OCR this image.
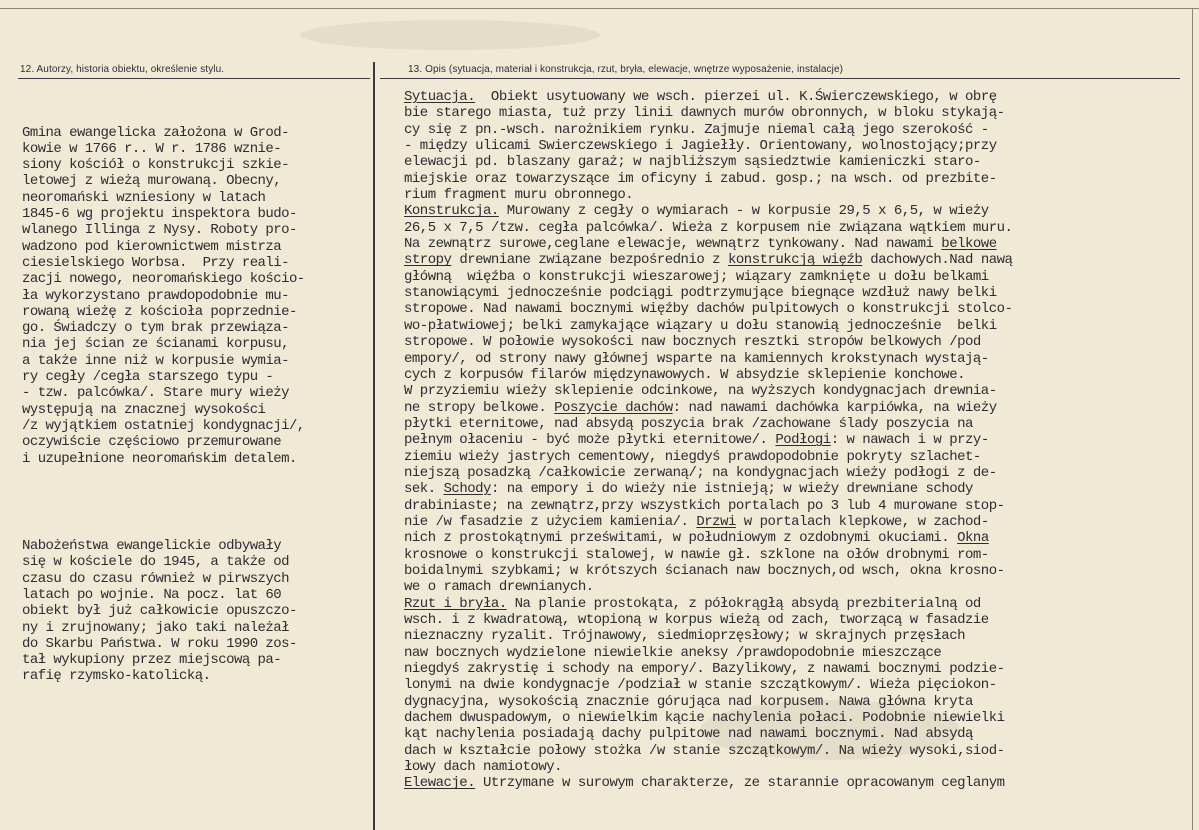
12. Autorzy, historia obiektu, określenie stylu.	13. Opis (sytuacja, materiał i konstrukcja, rzut, bryła, elewacje, wnętrze wyposażenie, instalacje)

Gmina ewangelicka założona w Grod-
kowie w 1766 r.. W r. 1786 wznie-
siony kościół o konstrukcji szkie-
letowej z wieżą murowaną. Obecny,
neoromański wzniesiony w latach
1845-6 wg projektu inspektora budo-
wlanego Illinga z Nysy. Roboty pro-
wadzono pod kierownictwem mistrza
ciesielskiego Worbsa.  Przy reali-
zacji nowego, neoromańskiego kościo-
ła wykorzystano prawdopodobnie mu-
rowaną wieżę z kościoła poprzednie-
go. Świadczy o tym brak przewiąza-
nia jej ścian ze ścianami korpusu,
a także inne niż w korpusie wymia-
ry cegły /cegła starszego typu -
- tzw. palcówka/. Stare mury wieży
występują na znacznej wysokości
/z wyjątkiem ostatniej kondygnacji/,
oczywiście częściowo przemurowane
i uzupełnione neoromańskim detalem.

Nabożeństwa ewangelickie odbywały
się w kościele do 1945, a także od
czasu do czasu również w pirwszych
latach po wojnie. Na pocz. lat 60
obiekt był już całkowicie opuszczo-
ny i zrujnowany; jako taki należał
do Skarbu Państwa. W roku 1990 zos-
tał wykupiony przez miejscową pa-
rafię rzymsko-katolicką.

Sytuacja.  Obiekt usytuowany we wsch. pierzei ul. K.Świerczewskiego, w obrę
bie starego miasta, tuż przy linii dawnych murów obronnych, w bloku stykają-
cy się z pn.-wsch. narożnikiem rynku. Zajmuje niemal całą jego szerokość -
- między ulicami Swierczewskiego i Jagiełły. Orientowany, wolnostojący;przy
elewacji pd. blaszany garaż; w najbliższym sąsiedztwie kamieniczki staro-
miejskie oraz towarzyszące im oficyny i zabud. gosp.; na wsch. od prezbite-
rium fragment muru obronnego.
Konstrukcja. Murowany z cegły o wymiarach - w korpusie 29,5 x 6,5, w wieży
26,5 x 7,5 /tzw. cegła palcówka/. Wieża z korpusem nie związana wątkiem muru.
Na zewnątrz surowe,ceglane elewacje, wewnątrz tynkowany. Nad nawami belkowe
stropy drewniane związane bezpośrednio z konstrukcją więźb dachowych.Nad nawą
główną  więźba o konstrukcji wieszarowej; wiązary zamknięte u dołu belkami
stanowiącymi jednocześnie podciągi podtrzymujące biegnące wzdłuż nawy belki
stropowe. Nad nawami bocznymi więźby dachów pulpitowych o konstrukcji stolco-
wo-płatwiowej; belki zamykające wiązary u dołu stanowią jednocześnie  belki
stropowe. W połowie wysokości naw bocznych resztki stropów belkowych /pod
empory/, od strony nawy głównej wsparte na kamiennych krokstynach wystają-
cych z korpusów filarów międzynawowych. W absydzie sklepienie konchowe.
W przyziemiu wieży sklepienie odcinkowe, na wyższych kondygnacjach drewnia-
ne stropy belkowe. Poszycie dachów: nad nawami dachówka karpiówka, na wieży
płytki eternitowe, nad absydą poszycia brak /zachowane ślady poszycia na
pełnym ołaceniu - być może płytki eternitowe/. Podłogi: w nawach i w przy-
ziemiu wieży jastrych cementowy, niegdyś prawdopodobnie pokryty szlachet-
niejszą posadzką /całkowicie zerwaną/; na kondygnacjach wieży podłogi z de-
sek. Schody: na empory i do wieży nie istnieją; w wieży drewniane schody
drabiniaste; na zewnątrz,przy wszystkich portalach po 3 lub 4 murowane stop-
nie /w fasadzie z użyciem kamienia/. Drzwi w portalach klepkowe, w zachod-
nich z prostokątnymi prześwitami, w południowym z ozdobnymi okuciami. Okna
krosnowe o konstrukcji stalowej, w nawie gł. szklone na ołów drobnymi rom-
boidalnymi szybkami; w krótszych ścianach naw bocznych,od wsch, okna krosno-
we o ramach drewnianych.
Rzut i bryła. Na planie prostokąta, z półokrągłą absydą prezbiterialną od
wsch. i z kwadratową, wtopioną w korpus wieżą od zach, tworzącą w fasadzie
nieznaczny ryzalit. Trójnawowy, siedmioprzęsłowy; w skrajnych przęsłach
naw bocznych wydzielone niewielkie aneksy /prawdopodobnie mieszczące
niegdyś zakrystię i schody na empory/. Bazylikowy, z nawami bocznymi podzie-
lonymi na dwie kondygnacje /podział w stanie szczątkowym/. Wieża pięciokon-
dygnacyjna, wysokością znacznie górująca nad korpusem. Nawa główna kryta
dachem dwuspadowym, o niewielkim kącie nachylenia połaci. Podobnie niewielki
kąt nachylenia posiadają dachy pulpitowe nad nawami bocznymi. Nad absydą
dach w kształcie połowy stożka /w stanie szczątkowym/. Na wieży wysoki,siod-
łowy dach namiotowy.
Elewacje. Utrzymane w surowym charakterze, ze starannie opracowanym ceglanym
